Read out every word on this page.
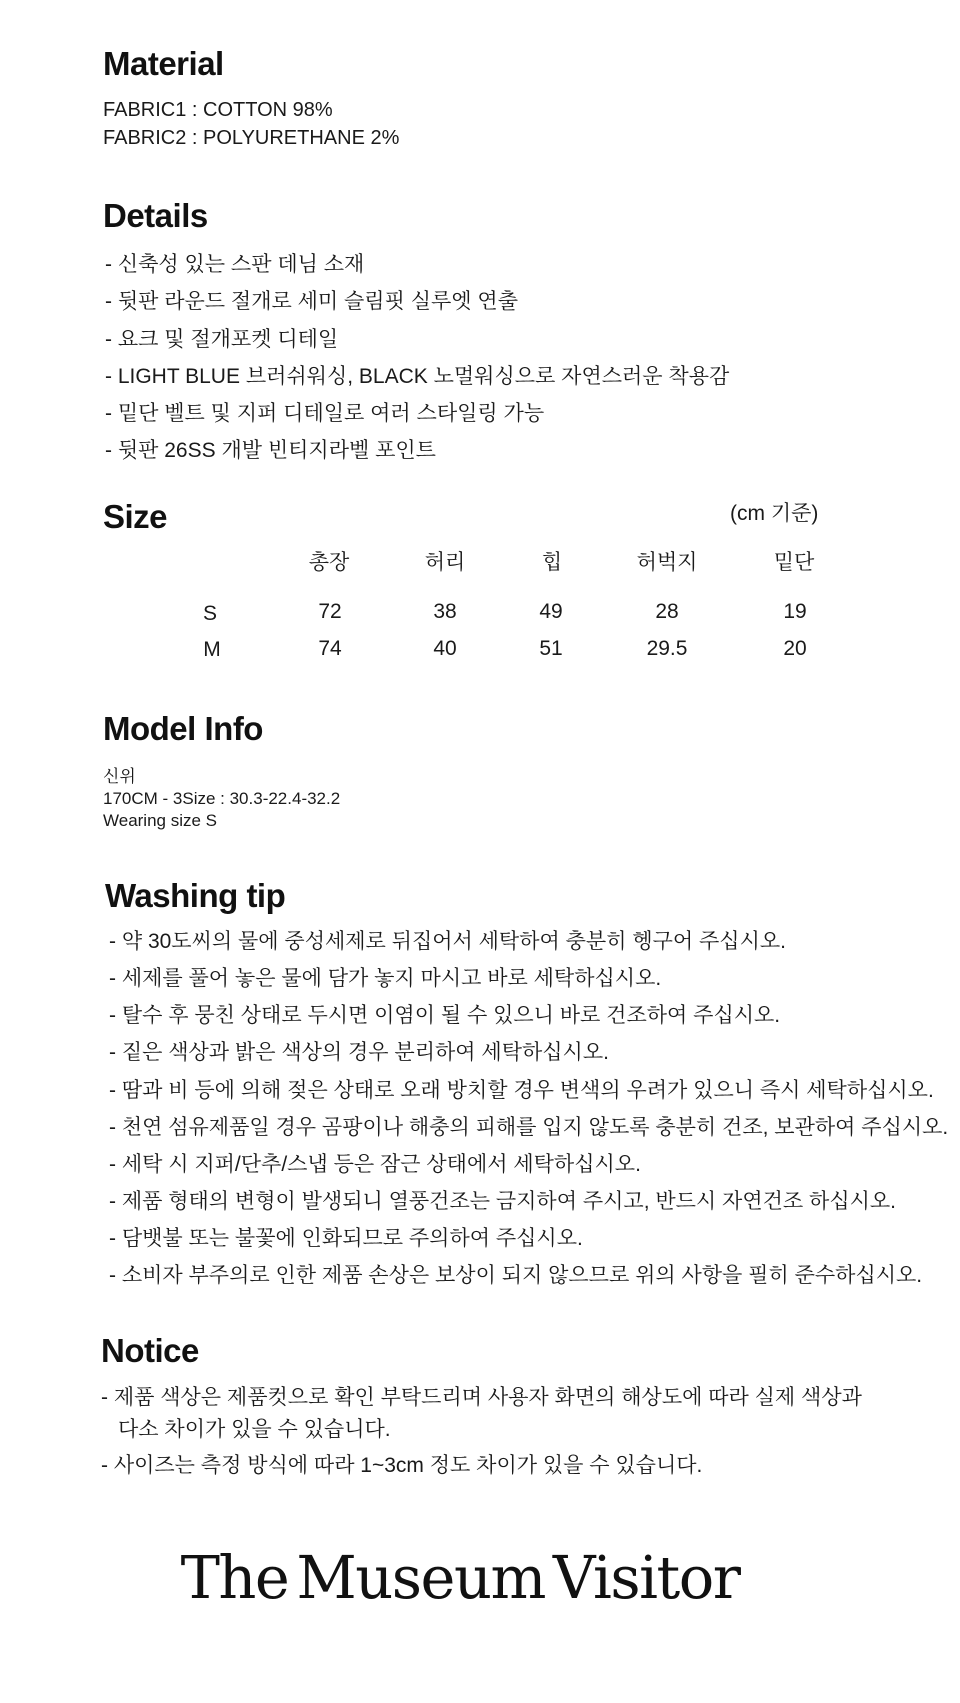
Material

FABRIC1 : COTTON 98%

FABRIC2 : POLYURETHANE 2%

Details
- 신축성 있는 스판 데님 소재
- 뒷판 라운드 절개로 세미 슬림핏 실루엣 연출
- 요크 및 절개포켓 디테일
- LIGHT BLUE 브러쉬워싱, BLACK 노멀워싱으로 자연스러운 착용감
- 밑단 벨트 및 지퍼 디테일로 여러 스타일링 가능
- 뒷판 26SS 개발 빈티지라벨 포인트
Size	(cm 기준)

총장	허리	힙	허벅지	밑단
S	72	38	49	28	19
M	74	40	51	29.5	20
Model Info

신위

170CM - 3Size : 30.3-22.4-32.2

Wearing size S

Washing tip
- 약 30도씨의 물에 중성세제로 뒤집어서 세탁하여 충분히 헹구어 주십시오.
- 세제를 풀어 놓은 물에 담가 놓지 마시고 바로 세탁하십시오.
- 탈수 후 뭉친 상태로 두시면 이염이 될 수 있으니 바로 건조하여 주십시오.
- 짙은 색상과 밝은 색상의 경우 분리하여 세탁하십시오.
- 땀과 비 등에 의해 젖은 상태로 오래 방치할 경우 변색의 우려가 있으니 즉시 세탁하십시오.
- 천연 섬유제품일 경우 곰팡이나 해충의 피해를 입지 않도록 충분히 건조, 보관하여 주십시오.
- 세탁 시 지퍼/단추/스냅 등은 잠근 상태에서 세탁하십시오.
- 제품 형태의 변형이 발생되니 열풍건조는 금지하여 주시고, 반드시 자연건조 하십시오.
- 담뱃불 또는 불꽃에 인화되므로 주의하여 주십시오.
- 소비자 부주의로 인한 제품 손상은 보상이 되지 않으므로 위의 사항을 필히 준수하십시오.
Notice

- 제품 색상은 제품컷으로 확인 부탁드리며 사용자 화면의 해상도에 따라 실제 색상과

다소 차이가 있을 수 있습니다.

- 사이즈는 측정 방식에 따라 1~3cm 정도 차이가 있을 수 있습니다.

The Museum Visitor
